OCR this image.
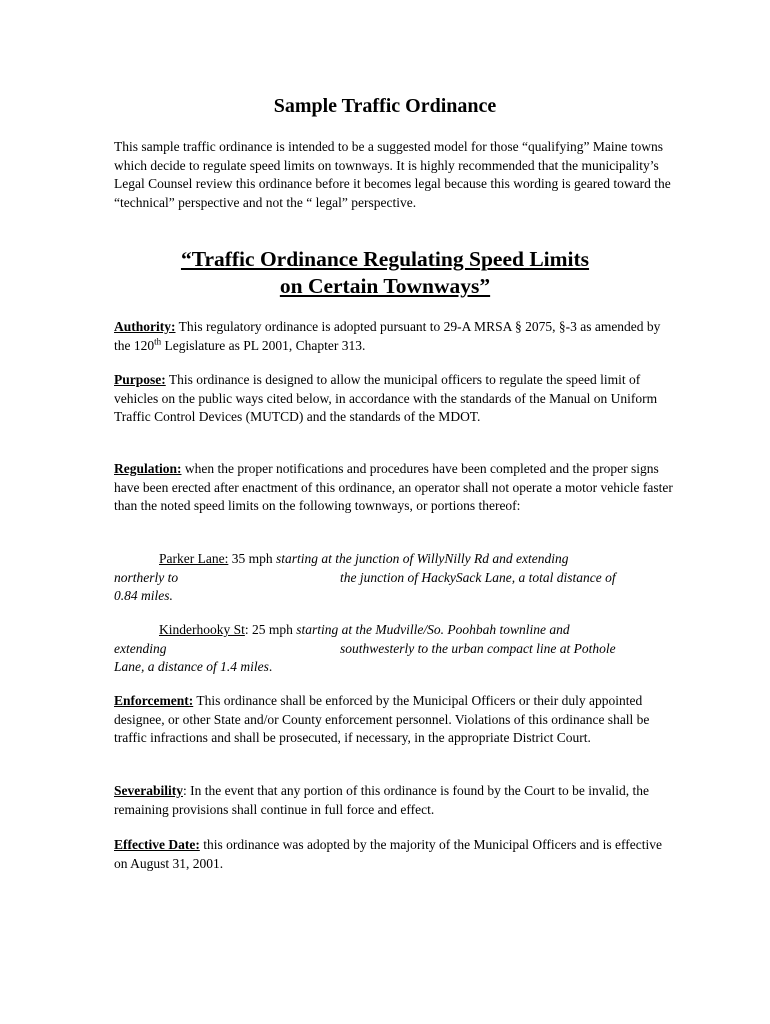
Sample Traffic Ordinance
This sample traffic ordinance is intended to be a suggested model for those “qualifying” Maine towns which decide to regulate speed limits on townways. It is highly recommended that the municipality’s Legal Counsel review this ordinance before it becomes legal because this wording is geared toward the “technical” perspective and not the “ legal” perspective.
“Traffic Ordinance Regulating Speed Limits
on Certain Townways”
Authority: This regulatory ordinance is adopted pursuant to 29-A MRSA § 2075, §-3 as amended by the 120th Legislature as PL 2001, Chapter 313.
Purpose: This ordinance is designed to allow the municipal officers to regulate the speed limit of vehicles on the public ways cited below, in accordance with the standards of the Manual on Uniform Traffic Control Devices (MUTCD) and the standards of the MDOT.
Regulation: when the proper notifications and procedures have been completed and the proper signs have been erected after enactment of this ordinance, an operator shall not operate a motor vehicle faster than the noted speed limits on the following townways, or portions thereof:
Parker Lane: 35 mph starting at the junction of WillyNilly Rd and extending
northerly to	the junction of HackySack Lane, a total distance of
0.84 miles.
Kinderhooky St: 25 mph starting at the Mudville/So. Poohbah townline and
extending	southwesterly to the urban compact line at Pothole
Lane, a distance of 1.4 miles.
Enforcement: This ordinance shall be enforced by the Municipal Officers or their duly appointed designee, or other State and/or County enforcement personnel. Violations of this ordinance shall be traffic infractions and shall be prosecuted, if necessary, in the appropriate District Court.
Severability: In the event that any portion of this ordinance is found by the Court to be invalid, the remaining provisions shall continue in full force and effect.
Effective Date: this ordinance was adopted by the majority of the Municipal Officers and is effective on August 31, 2001.
